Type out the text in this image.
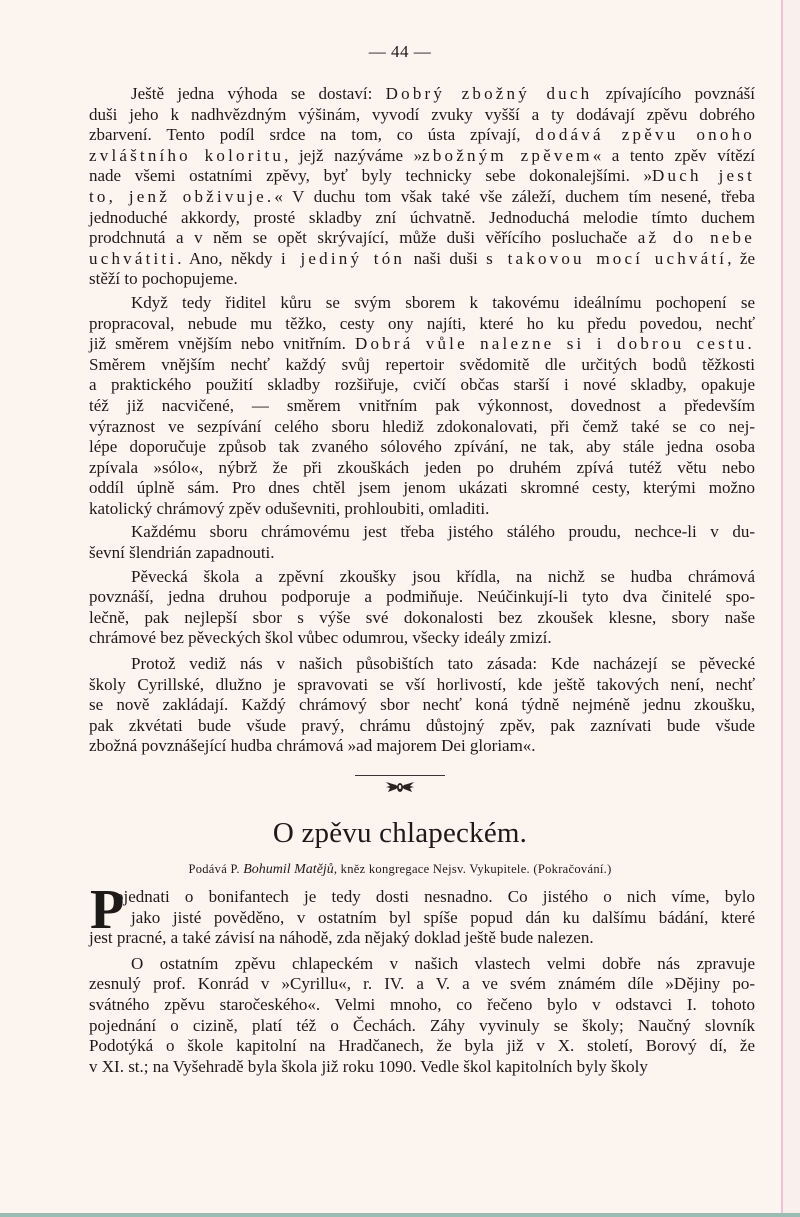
— 44 —
Ještě jedna výhoda se dostaví: Dobrý zbožný duch zpívajícího povznáší
duši jeho k nadhvězdným výšinám, vyvodí zvuky vyšší a ty dodávají zpěvu dobrého
zbarvení. Tento podíl srdce na tom, co ústa zpívají, dodává zpěvu onoho
zvláštního koloritu, jejž nazýváme »zbožným zpěvem« a tento zpěv vítězí
nade všemi ostatními zpěvy, byť byly technicky sebe dokonalejšími. »Duch jest
to, jenž obživuje.« V duchu tom však také vše záleží, duchem tím nesené, třeba
jednoduché akkordy, prosté skladby zní úchvatně. Jednoduchá melodie tímto duchem
prodchnutá a v něm se opět skrývající, může duši věřícího posluchače až do nebe
uchvátiti. Ano, někdy i jediný tón naši duši s takovou mocí uchvátí, že
stěží to pochopujeme.
Když tedy řiditel kůru se svým sborem k takovému ideálnímu pochopení se
propracoval, nebude mu těžko, cesty ony najíti, které ho ku předu povedou, nechť
již směrem vnějším nebo vnitřním. Dobrá vůle nalezne si i dobrou cestu.
Směrem vnějším nechť každý svůj repertoir svědomitě dle určitých bodů těžkosti
a praktického použití skladby rozšiřuje, cvičí občas starší i nové skladby, opakuje
též již nacvičené, — směrem vnitřním pak výkonnost, dovednost a především
výraznost ve sezpívání celého sboru hlediž zdokonalovati, při čemž také se co nej-
lépe doporučuje způsob tak zvaného sólového zpívání, ne tak, aby stále jedna osoba
zpívala »sólo«, nýbrž že při zkouškách jeden po druhém zpívá tutéž větu nebo
oddíl úplně sám. Pro dnes chtěl jsem jenom ukázati skromné cesty, kterými možno
katolický chrámový zpěv oduševniti, prohloubiti, omladiti.
Každému sboru chrámovému jest třeba jistého stálého proudu, nechce-li v du-
ševní šlendrián zapadnouti.
Pěvecká škola a zpěvní zkoušky jsou křídla, na nichž se hudba chrámová
povznáší, jedna druhou podporuje a podmiňuje. Neúčinkují-li tyto dva činitelé spo-
lečně, pak nejlepší sbor s výše své dokonalosti bez zkoušek klesne, sbory naše
chrámové bez pěveckých škol vůbec odumrou, všecky ideály zmizí.
Protož vediž nás v našich působištích tato zásada: Kde nacházejí se pěvecké
školy Cyrillské, dlužno je spravovati se vší horlivostí, kde ještě takových není, nechť
se nově zakládají. Každý chrámový sbor nechť koná týdně nejméně jednu zkoušku,
pak zkvétati bude všude pravý, chrámu důstojný zpěv, pak zaznívati bude všude
zbožná povznášející hudba chrámová »ad majorem Dei gloriam«.
O zpěvu chlapeckém.
Podává P. Bohumil Matějů, kněz kongregace Nejsv. Vykupitele. (Pokračování.)
P
ojednati o bonifantech je tedy dosti nesnadno. Co jistého o nich víme, bylo
jako jisté pověděno, v ostatním byl spíše popud dán ku dalšímu bádání, které
jest pracné, a také závisí na náhodě, zda nějaký doklad ještě bude nalezen.
O ostatním zpěvu chlapeckém v našich vlastech velmi dobře nás zpravuje
zesnulý prof. Konrád v »Cyrillu«, r. IV. a V. a ve svém známém díle »Dějiny po-
svátného zpěvu staročeského«. Velmi mnoho, co řečeno bylo v odstavci I. tohoto
pojednání o cizině, platí též o Čechách. Záhy vyvinuly se školy; Naučný slovník
Podotýká o škole kapitolní na Hradčanech, že byla již v X. století, Borový dí, že
v XI. st.; na Vyšehradě byla škola již roku 1090. Vedle škol kapitolních byly školy
